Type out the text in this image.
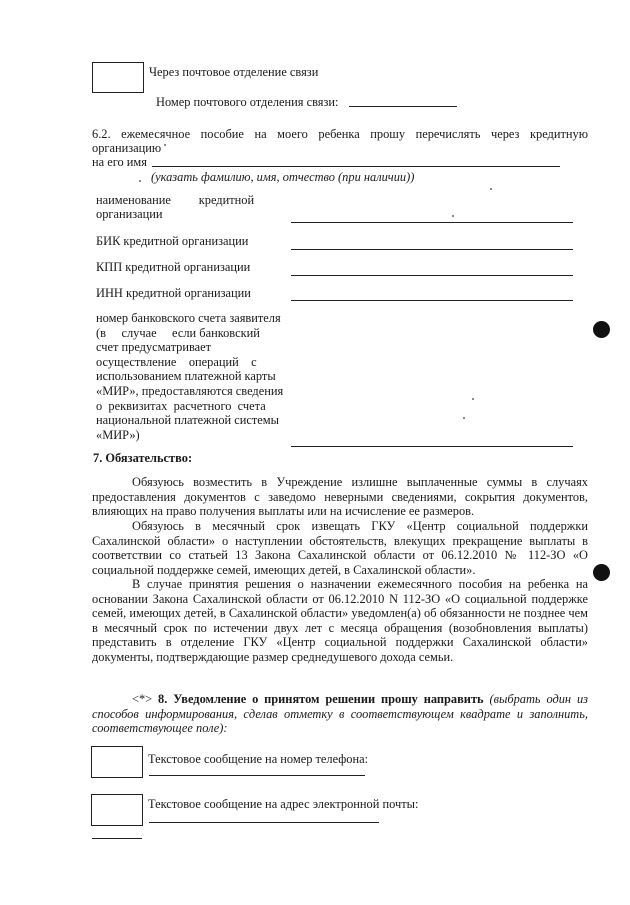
Через почтовое отделение связи
Номер почтового отделения связи:
6.2. ежемесячное пособие на моего ребенка прошу перечислять через кредитную
организацию
на его имя
(указать фамилию, имя, отчество (при наличии))
наименование         кредитной
организации
БИК кредитной организации
КПП кредитной организации
ИНН кредитной организации
номер банковского счета заявителя
(в     случае     если банковский
счет предусматривает
осуществление    операций    с
использованием платежной карты
«МИР», предоставляются сведения
о  реквизитах  расчетного  счета
национальной платежной системы
«МИР»)
7. Обязательство:
Обязуюсь возместить в Учреждение излишне выплаченные суммы в случаях предоставления документов с заведомо неверными сведениями, сокрытия документов, влияющих на право получения выплаты или на исчисление ее размеров.
Обязуюсь в месячный срок извещать ГКУ «Центр социальной поддержки Сахалинской области» о наступлении обстоятельств, влекущих прекращение выплаты в соответствии со статьей 13 Закона Сахалинской области от 06.12.2010 № 112-ЗО «О социальной поддержке семей, имеющих детей, в Сахалинской области».
В случае принятия решения о назначении ежемесячного пособия на ребенка на основании Закона Сахалинской области от 06.12.2010 N 112-ЗО «О социальной поддержке семей, имеющих детей, в Сахалинской области» уведомлен(а) об обязанности не позднее чем в месячный срок по истечении двух лет с месяца обращения (возобновления выплаты) представить в отделение ГКУ «Центр социальной поддержки Сахалинской области» документы, подтверждающие размер среднедушевого дохода семьи.
<*> 8. Уведомление о принятом решении прошу направить (выбрать один из способов информирования, сделав отметку в соответствующем квадрате и заполнить, соответствующее поле):
Текстовое сообщение на номер телефона:
Текстовое сообщение на адрес электронной почты:
